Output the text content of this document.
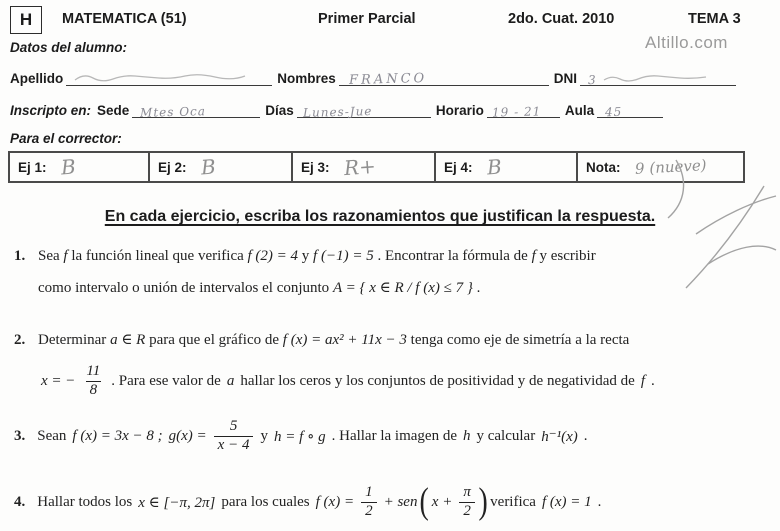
H MATEMATICA (51)	Primer Parcial	2do. Cuat. 2010	TEMA 3
Datos del alumno:	Altillo.com
Apellido	Nombres FRANCO	DNI 3
Inscripto en: Sede Mtes Oca	Días Lunes-Jue	Horario 19 - 21 Aula 45
Para el corrector:
Ej 1: B	Ej 2: B	Ej 3: R+	Ej 4: B	Nota: 9 (nueve)
En cada ejercicio, escriba los razonamientos que justifican la respuesta.
1. Sea f la función lineal que verifica f (2) = 4 y f (−1) = 5 . Encontrar la fórmula de f y escribir
como intervalo o unión de intervalos el conjunto A = { x ∈ R / f (x) ≤ 7 } .
2. Determinar a ∈ R para que el gráfico de f (x) = ax² + 11x − 3 tenga como eje de simetría a la recta
x = − $\frac{11}{8}$ . Para ese valor de a hallar los ceros y los conjuntos de positividad y de negatividad de f .
3. Sean f (x) = 3x − 8 ; $g(x) = \frac{5}{x - 4}$ y h = f ∘ g . Hallar la imagen de h y calcular h⁻¹(x) .
4. Hallar todos los x ∈ [−π, 2π] para los cuales f $(x) = \frac{1}{2}$ + sen ( $x + \frac{\pi}{2}$ ) verifica f (x) = 1 .
